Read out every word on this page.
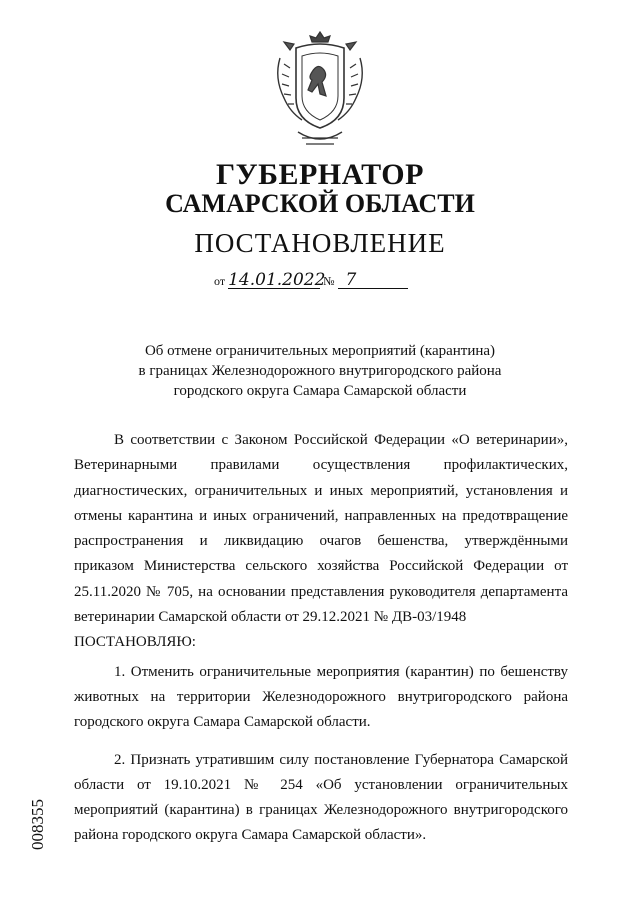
ГУБЕРНАТОР
САМАРСКОЙ ОБЛАСТИ
ПОСТАНОВЛЕНИЕ
от 14.01.2022 № 7
Об отмене ограничительных мероприятий (карантина)
в границах Железнодорожного внутригородского района
городского округа Самара Самарской области

В соответствии с Законом Российской Федерации «О ветеринарии», Ветеринарными правилами осуществления профилактических, диагностических, ограничительных и иных мероприятий, установления и отмены карантина и иных ограничений, направленных на предотвращение распространения и ликвидацию очагов бешенства, утверждёнными приказом Министерства сельского хозяйства Российской Федерации от 25.11.2020 № 705, на основании представления руководителя департамента ветеринарии Самарской области от 29.12.2021 № ДВ-03/1948

ПОСТАНОВЛЯЮ:

1. Отменить ограничительные мероприятия (карантин) по бешенству животных на территории Железнодорожного внутригородского района городского округа Самара Самарской области.

2. Признать утратившим силу постановление Губернатора Самарской области от 19.10.2021 № 254 «Об установлении ограничительных мероприятий (карантина) в границах Железнодорожного внутригородского района городского округа Самара Самарской области».

008355
